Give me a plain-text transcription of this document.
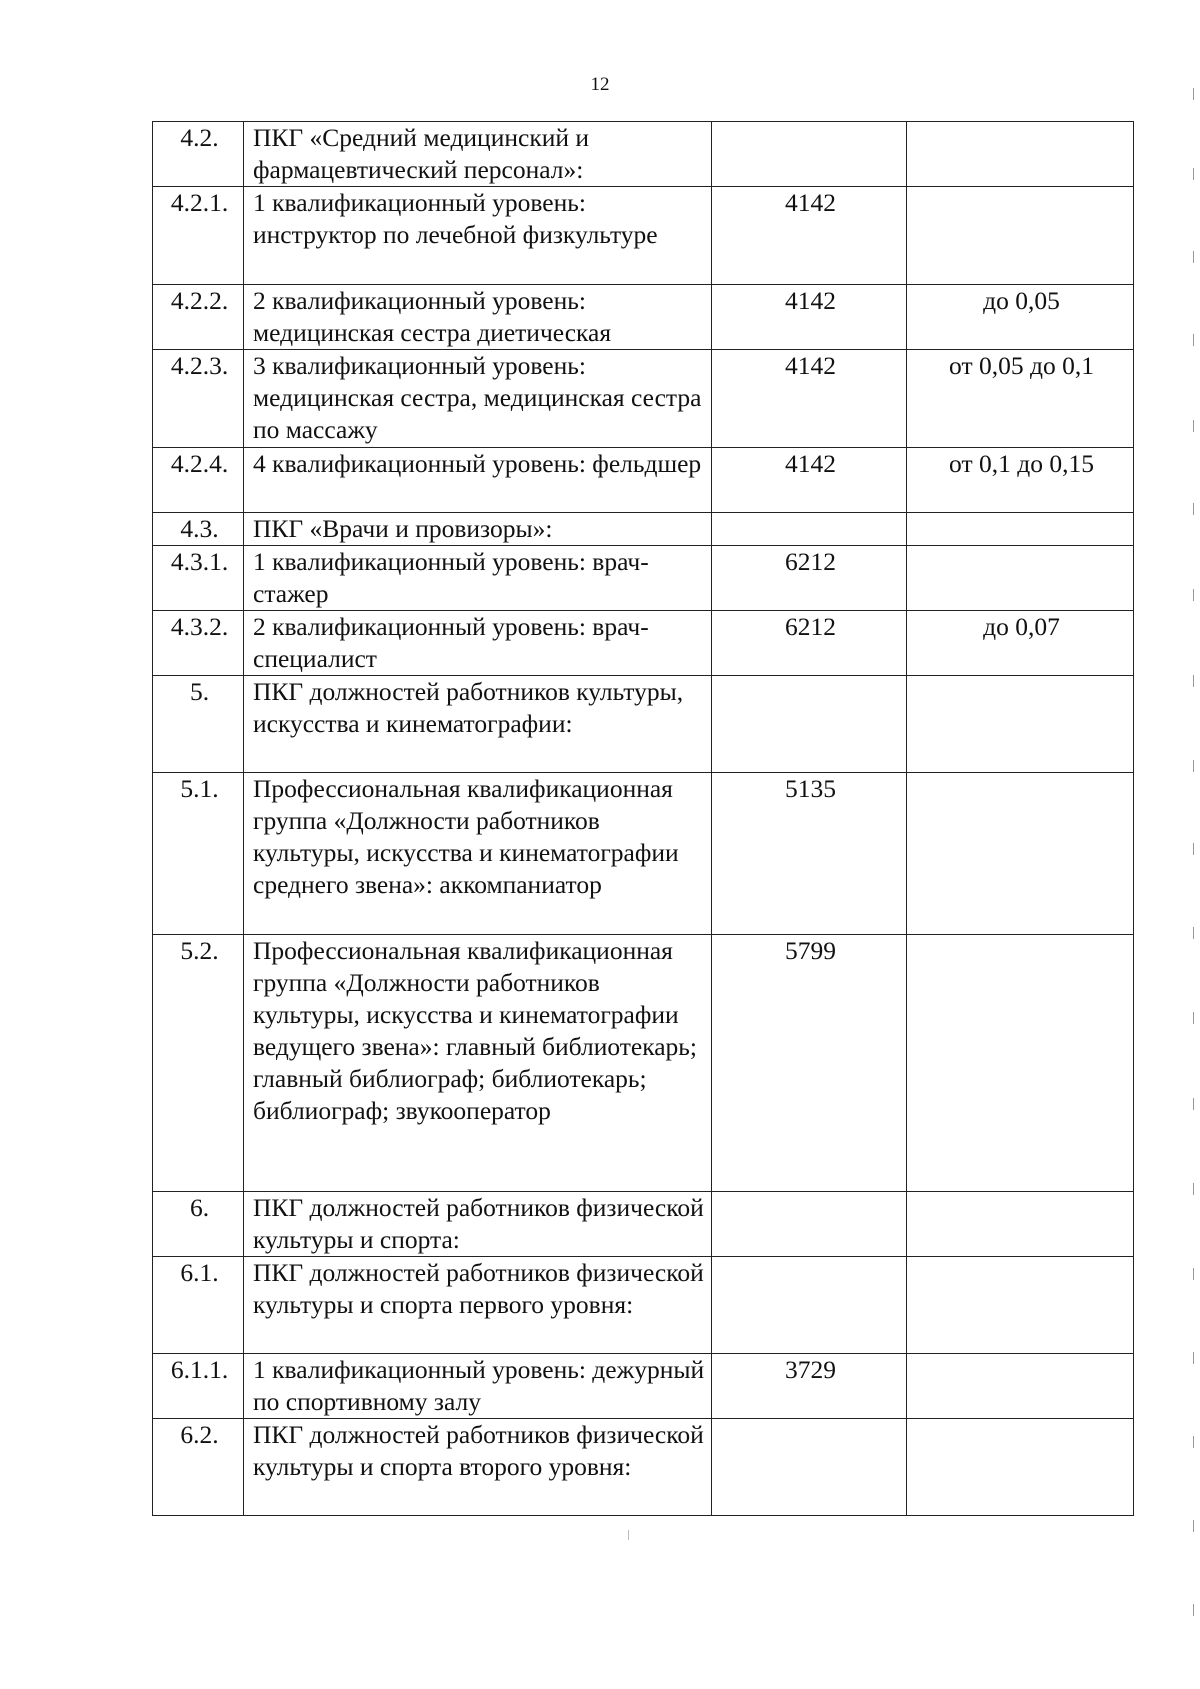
12
4.2.	ПКГ «Средний медицинский и фармацевтический персонал»:		
4.2.1.	1 квалификационный уровень: инструктор по лечебной физкультуре	4142	
4.2.2.	2 квалификационный уровень: медицинская сестра диетическая	4142	до 0,05
4.2.3.	3 квалификационный уровень: медицинская сестра, медицинская сестра по массажу	4142	от 0,05 до 0,1
4.2.4.	4 квалификационный уровень: фельдшер	4142	от 0,1 до 0,15
4.3.	ПКГ «Врачи и провизоры»:		
4.3.1.	1 квалификационный уровень: врач-стажер	6212	
4.3.2.	2 квалификационный уровень: врач-специалист	6212	до 0,07
5.	ПКГ должностей работников культуры, искусства и кинематографии:		
5.1.	Профессиональная квалификационная группа «Должности работников культуры, искусства и кинематографии среднего звена»: аккомпаниатор	5135	
5.2.	Профессиональная квалификационная группа «Должности работников культуры, искусства и кинематографии ведущего звена»: главный библиотекарь; главный библиограф; библиотекарь; библиограф; звукооператор	5799	
6.	ПКГ должностей работников физической культуры и спорта:		
6.1.	ПКГ должностей работников физической культуры и спорта первого уровня:		
6.1.1.	1 квалификационный уровень: дежурный по спортивному залу	3729	
6.2.	ПКГ должностей работников физической культуры и спорта второго уровня:		
